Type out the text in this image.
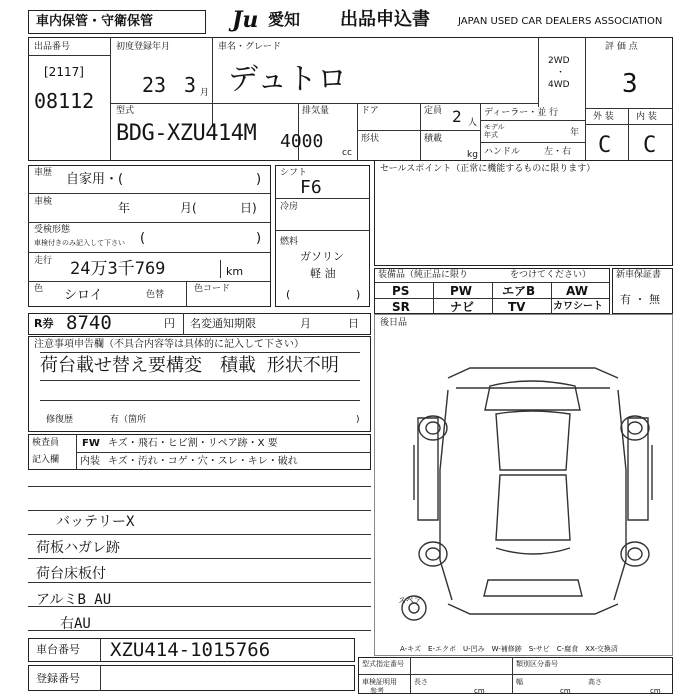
車内保管・守衛保管	Ju 愛知 出品申込書	JAPAN USED CAR DEALERS ASSOCIATION
出品番号
[2117]
08112
初度登録年月
23 3 月
車名・グレード
デュトロ
2WD
・
4WD
評 価 点
3
型式
BDG-XZU414M
排気量
4000
cc
ドア
形状
定員 2 人
積載
kg
ディーラー・並 行
モデル
年式	年
ハンドル	左・右
外 装 内 装
C C
車歴 自家用・(	)
車検	年	月(	日)
受検形態
車検付きのみ記入して下さい (	)
走行 24万3千769	km
色 シロイ	色替
色コード
シフト
F6
冷房
燃料
ガソリン
軽 油
(	)
セールスポイント（正常に機能するものに限ります）
装備品（純正品に限り	をつけてください）
PS	PW エアB	AW
SR	ナビ	TV	カワシート
新車保証書
有 ・ 無
R券 8740	円 名変通知期限	月	日 後日品
注意事項申告欄（不具合内容等は具体的に記入して下さい）
荷台載せ替え要構変　積載 形状不明
修復歴	有（箇所	)
検査員
記入欄
FW キズ・飛石・ヒビ割・リペア跡・X 要
内装 キズ・汚れ・コゲ・穴・スレ・キレ・破れ
バッテリーX
荷板ハガレ跡
荷台床板付
アルミB AU
右AU
スペア
A-キズ　E-エクボ　U-凹み　W-補修跡　S-サビ　C-腐食　XX-交換済
車台番号 XZU414-1015766
登録番号
型式指定番号	類別区分番号
車検証明用
参考
長さ
cm
幅
cm
高さ
cm
